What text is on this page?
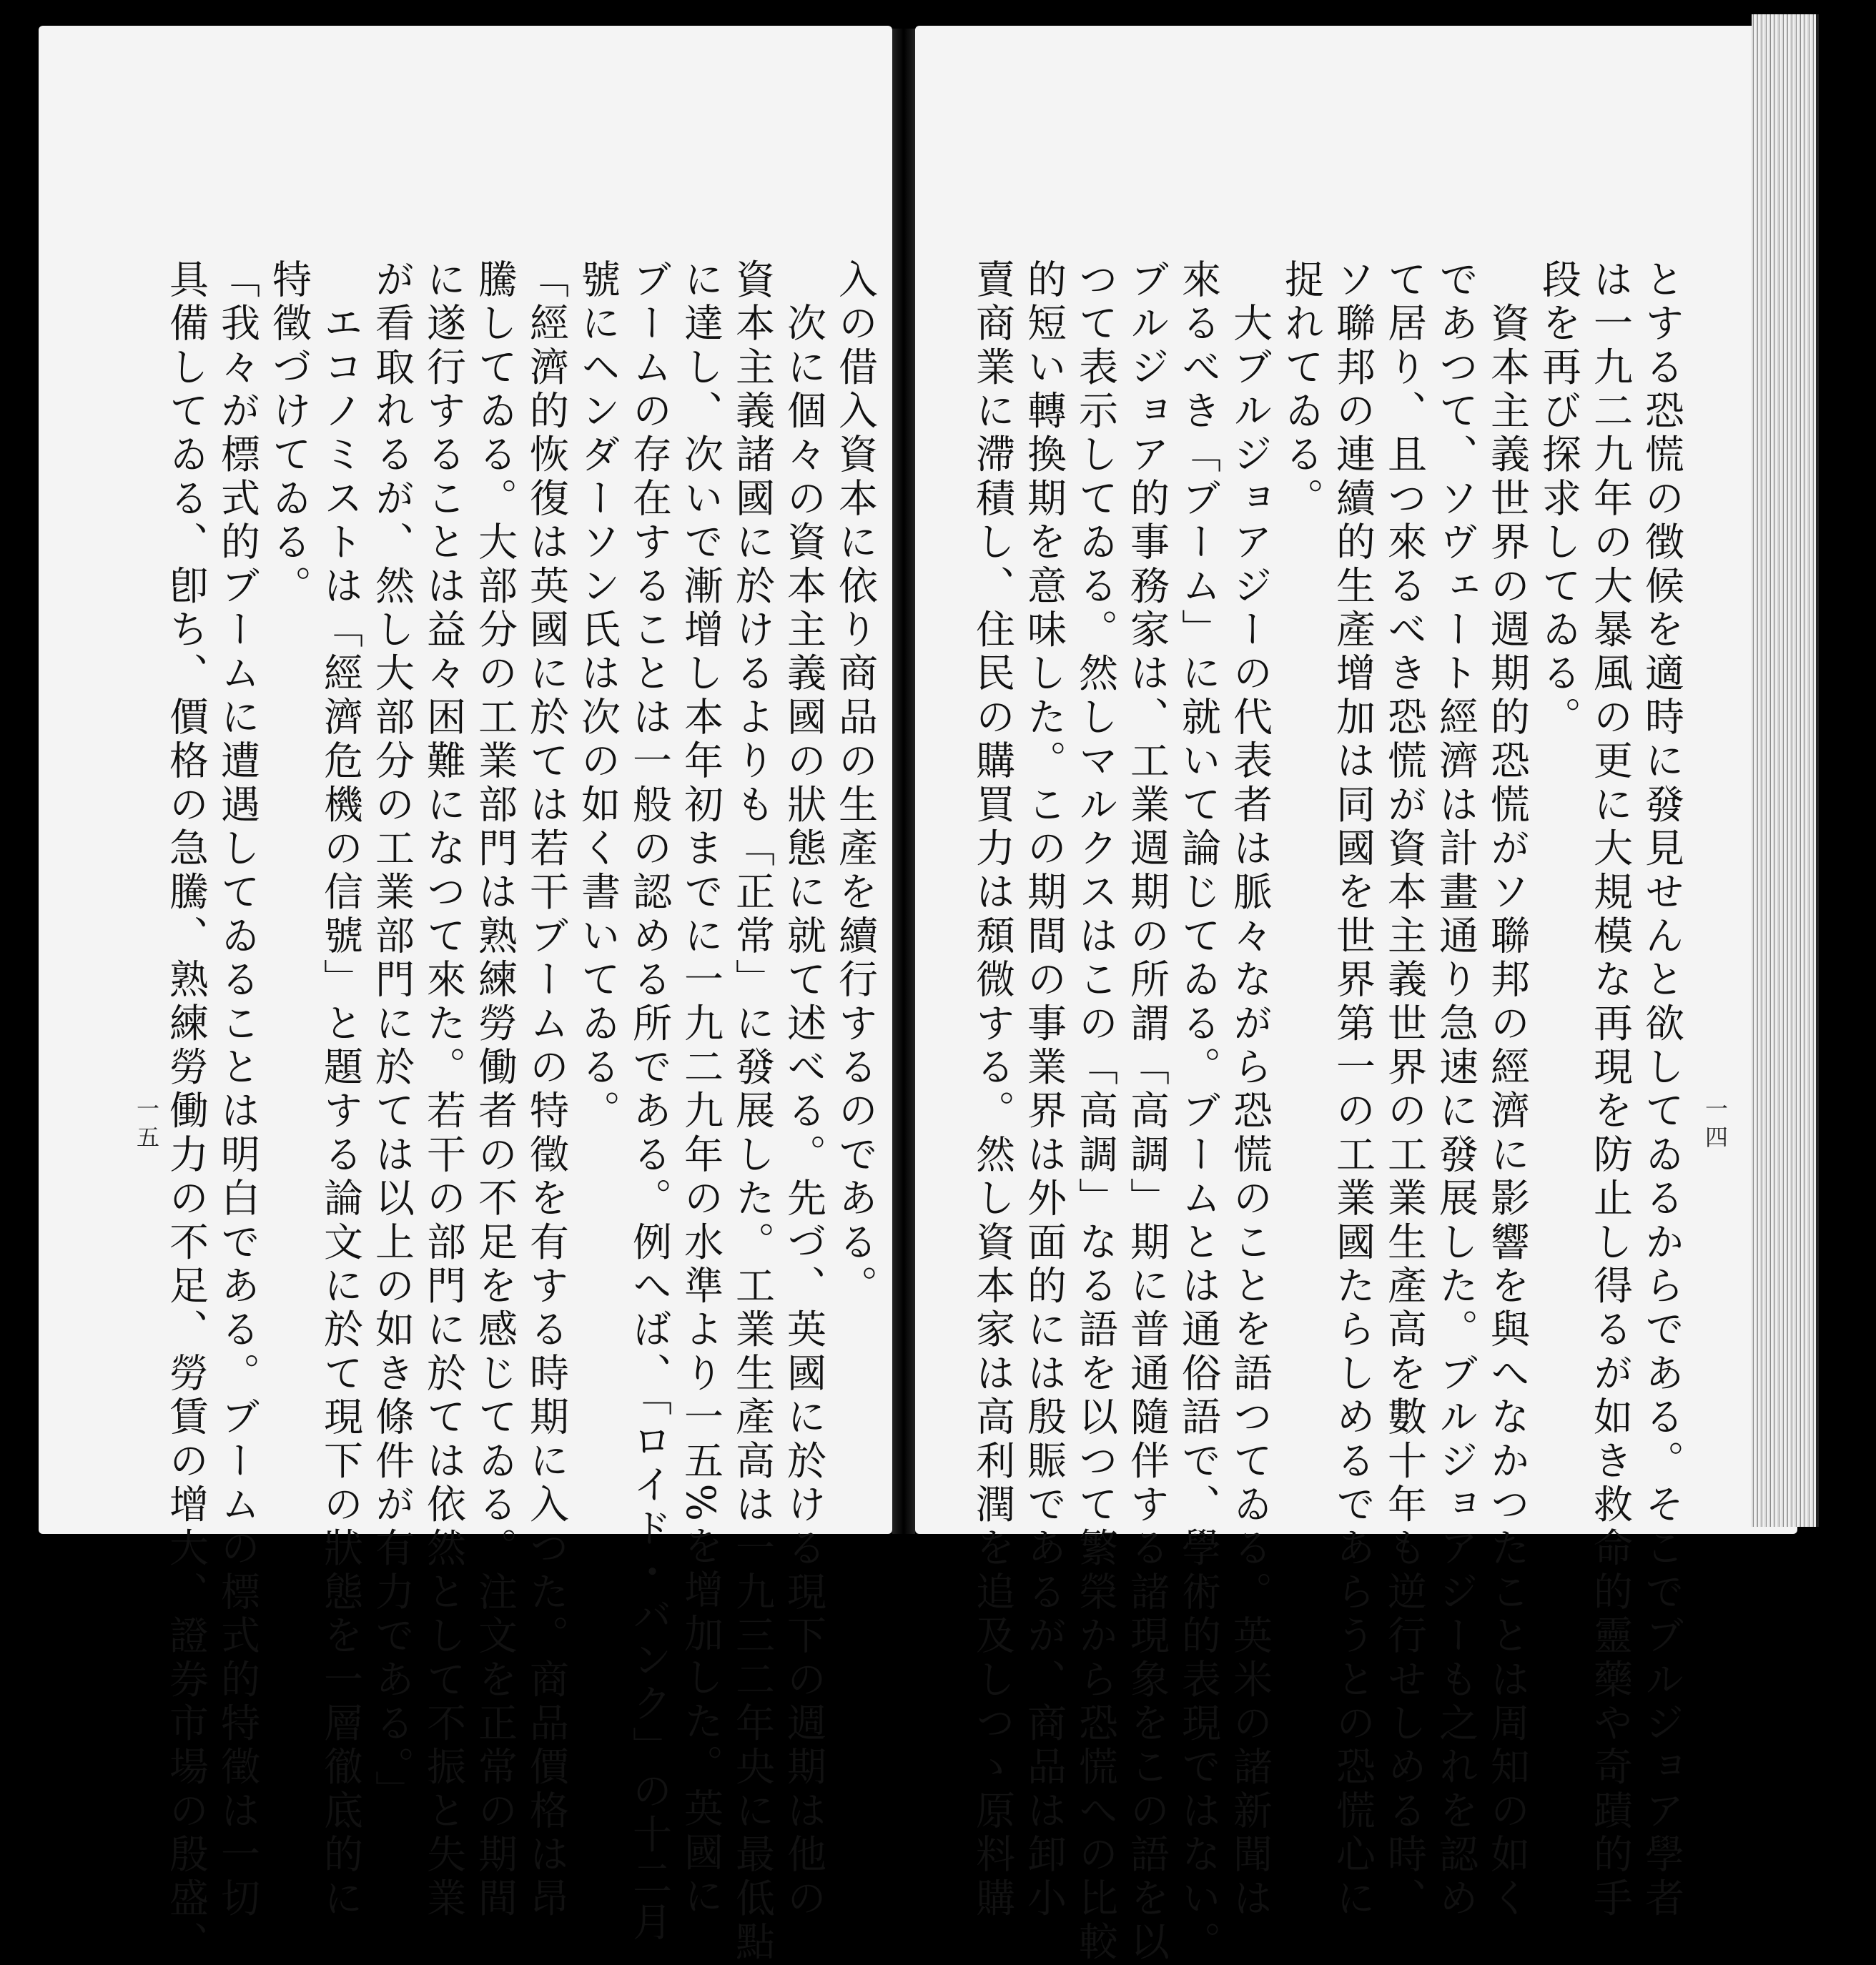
とする恐慌の徴候を適時に發見せんと欲してゐるからである。そこでブルジョア學者

は一九二九年の大暴風の更に大規模な再現を防止し得るが如き救命的靈藥や奇蹟的手

段を再び探求してゐる。

　資本主義世界の週期的恐慌がソ聯邦の經濟に影響を與へなかつたことは周知の如く

であつて、ソヴェート經濟は計畫通り急速に發展した。ブルジョアジーも之れを認め

て居り、且つ來るべき恐慌が資本主義世界の工業生產高を數十年も逆行せしめる時、

ソ聯邦の連續的生產增加は同國を世界第一の工業國たらしめるであらうとの恐慌心に

捉れてゐる。

　大ブルジョアジーの代表者は脈々ながら恐慌のことを語つてゐる。英米の諸新聞は

來るべき「ブーム」に就いて論じてゐる。ブームとは通俗語で、學術的表現ではない。

ブルジョア的事務家は、工業週期の所謂「高調」期に普通隨伴する諸現象をこの語を以

つて表示してゐる。然しマルクスはこの「高調」なる語を以つて繁榮から恐慌への比較

的短い轉換期を意味した。この期間の事業界は外面的には殷賑であるが、商品は卸小

賣商業に滯積し、住民の購買力は頹微する。然し資本家は高利潤を追及しつゝ原料購	一四

入の借入資本に依り商品の生產を續行するのである。

　次に個々の資本主義國の狀態に就て述べる。先づ、英國に於ける現下の週期は他の

資本主義諸國に於けるよりも「正常」に發展した。工業生產高は一九三二年央に最低點

に達し、次いで漸增し本年初までに一九二九年の水準より一五%を增加した。英國に

ブームの存在することは一般の認める所である。例へば、「ロイド・バンク」の十二月

號にヘンダーソン氏は次の如く書いてゐる。

「經濟的恢復は英國に於ては若干ブームの特徵を有する時期に入つた。商品價格は昂

騰してゐる。大部分の工業部門は熟練勞働者の不足を感じてゐる。注文を正常の期間

に遂行することは益々困難になつて來た。若干の部門に於ては依然として不振と失業

が看取れるが、然し大部分の工業部門に於ては以上の如き條件が有力である。」

　エコノミストは「經濟危機の信號」と題する論文に於て現下の狀態を一層徹底的に

特徵づけてゐる。

「我々が標式的ブームに遭遇してゐることは明白である。ブームの標式的特徵は一切

具備してゐる、卽ち、價格の急騰、熟練勞働力の不足、勞賃の增大、證券市場の殷盛、

一五
